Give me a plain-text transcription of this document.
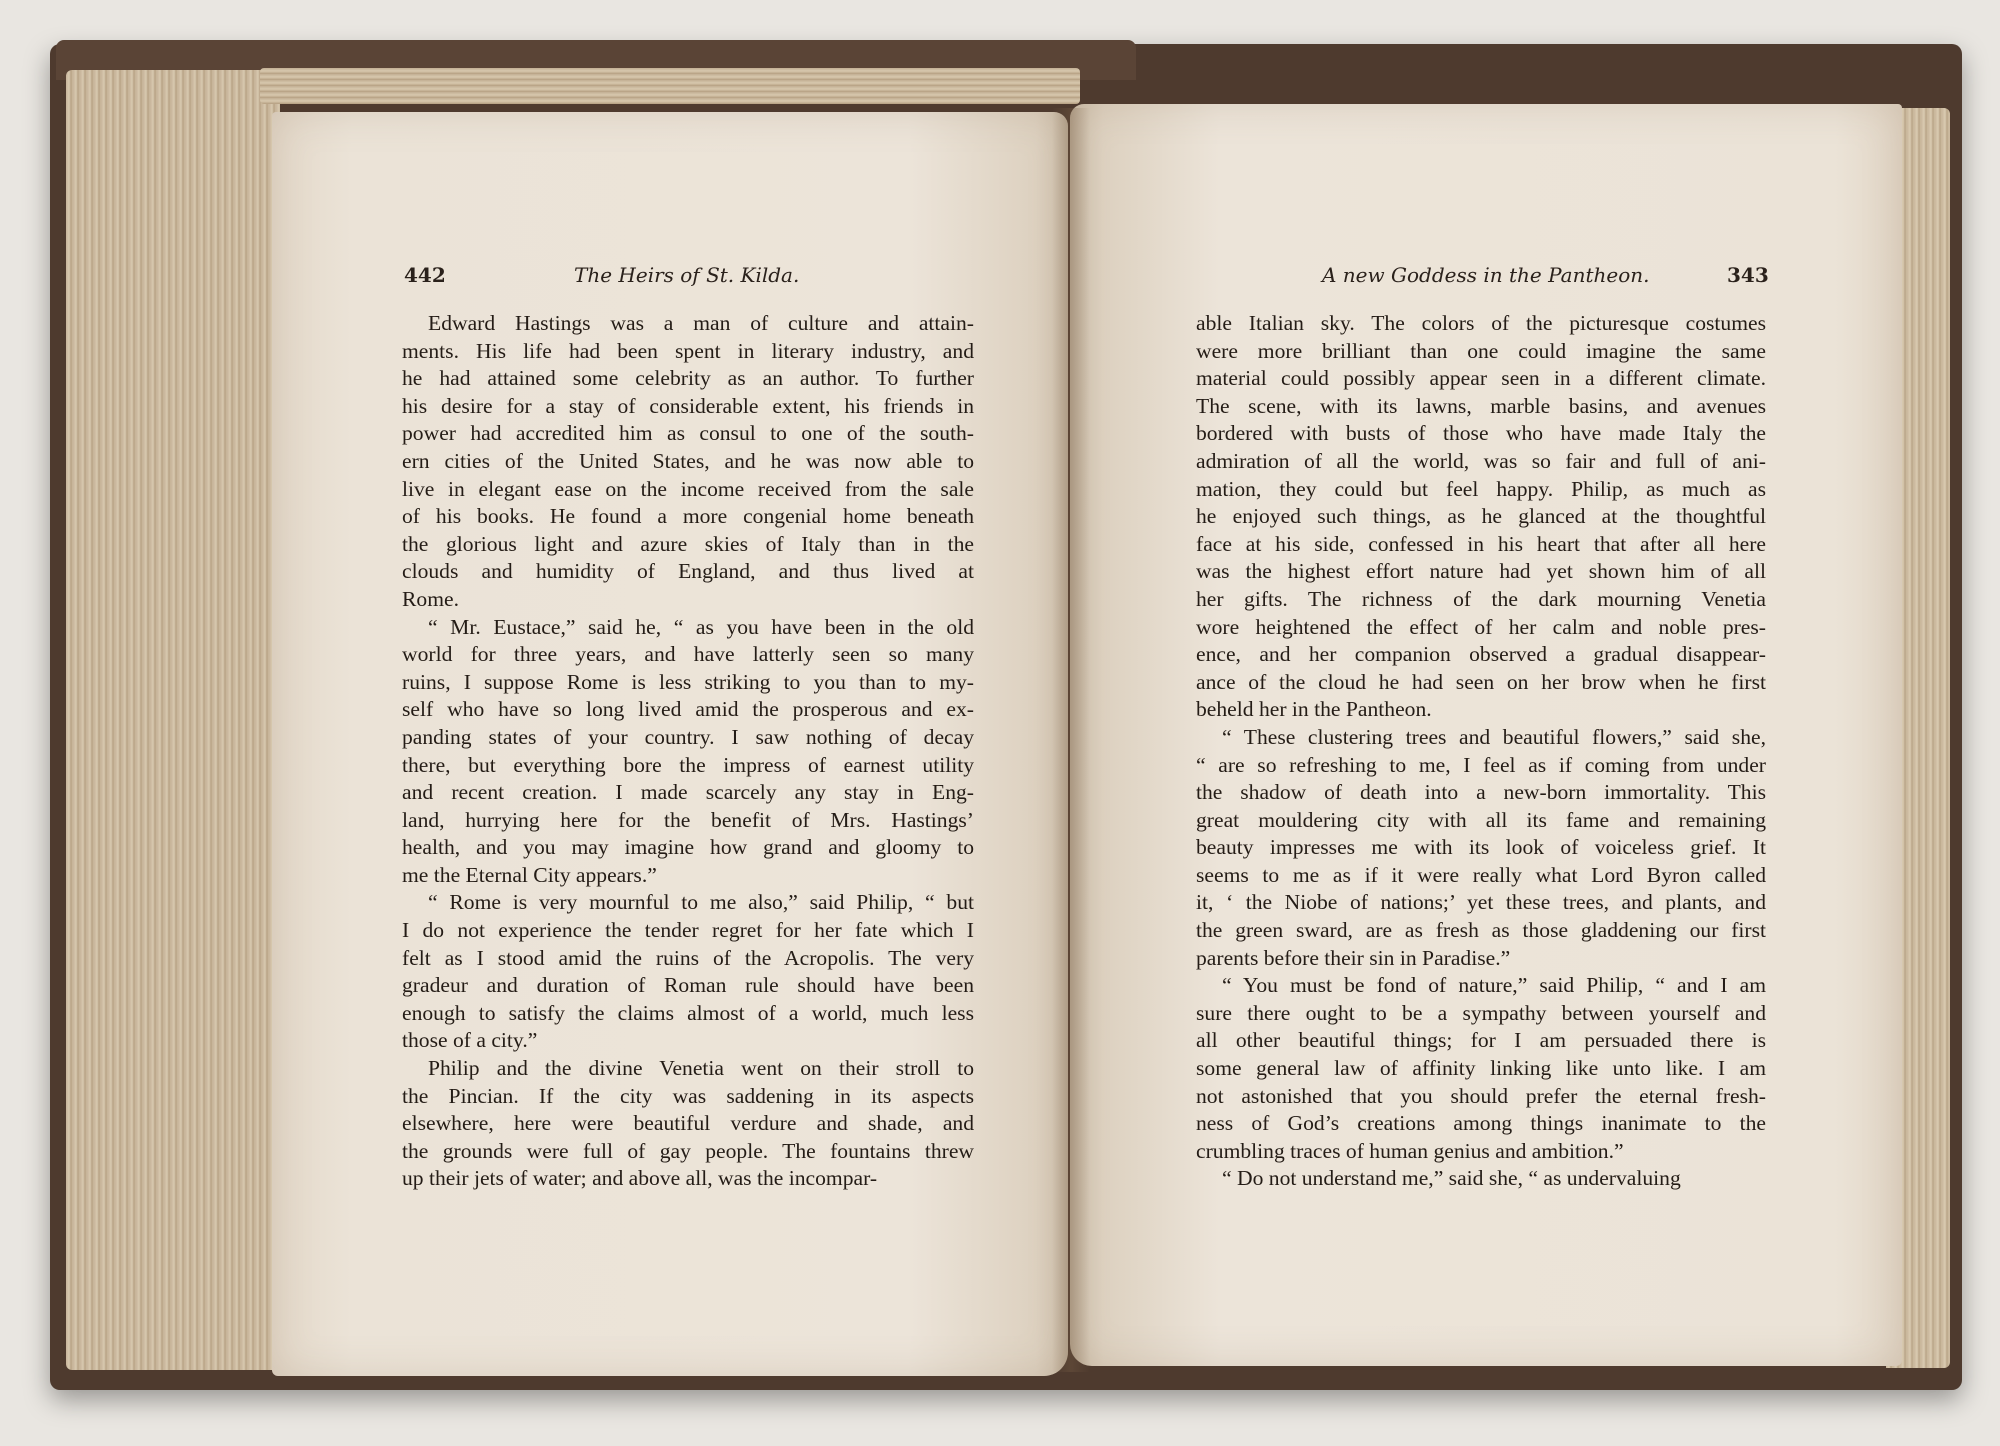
442	The Heirs of St. Kilda.	A new Goddess in the Pantheon.	343
Edward Hastings was a man of culture and attain-
ments. His life had been spent in literary industry, and
he had attained some celebrity as an author. To further
his desire for a stay of considerable extent, his friends in
power had accredited him as consul to one of the south-
ern cities of the United States, and he was now able to
live in elegant ease on the income received from the sale
of his books. He found a more congenial home beneath
the glorious light and azure skies of Italy than in the
clouds and humidity of England, and thus lived at
Rome.
“ Mr. Eustace,” said he, “ as you have been in the old
world for three years, and have latterly seen so many
ruins, I suppose Rome is less striking to you than to my-
self who have so long lived amid the prosperous and ex-
panding states of your country. I saw nothing of decay
there, but everything bore the impress of earnest utility
and recent creation. I made scarcely any stay in Eng-
land, hurrying here for the benefit of Mrs. Hastings’
health, and you may imagine how grand and gloomy to
me the Eternal City appears.”
“ Rome is very mournful to me also,” said Philip, “ but
I do not experience the tender regret for her fate which I
felt as I stood amid the ruins of the Acropolis. The very
gradeur and duration of Roman rule should have been
enough to satisfy the claims almost of a world, much less
those of a city.”
Philip and the divine Venetia went on their stroll to
the Pincian. If the city was saddening in its aspects
elsewhere, here were beautiful verdure and shade, and
the grounds were full of gay people. The fountains threw
up their jets of water; and above all, was the incompar-
able Italian sky. The colors of the picturesque costumes
were more brilliant than one could imagine the same
material could possibly appear seen in a different climate.
The scene, with its lawns, marble basins, and avenues
bordered with busts of those who have made Italy the
admiration of all the world, was so fair and full of ani-
mation, they could but feel happy. Philip, as much as
he enjoyed such things, as he glanced at the thoughtful
face at his side, confessed in his heart that after all here
was the highest effort nature had yet shown him of all
her gifts. The richness of the dark mourning Venetia
wore heightened the effect of her calm and noble pres-
ence, and her companion observed a gradual disappear-
ance of the cloud he had seen on her brow when he first
beheld her in the Pantheon.
“ These clustering trees and beautiful flowers,” said she,
“ are so refreshing to me, I feel as if coming from under
the shadow of death into a new-born immortality. This
great mouldering city with all its fame and remaining
beauty impresses me with its look of voiceless grief. It
seems to me as if it were really what Lord Byron called
it, ‘ the Niobe of nations;’ yet these trees, and plants, and
the green sward, are as fresh as those gladdening our first
parents before their sin in Paradise.”
“ You must be fond of nature,” said Philip, “ and I am
sure there ought to be a sympathy between yourself and
all other beautiful things; for I am persuaded there is
some general law of affinity linking like unto like. I am
not astonished that you should prefer the eternal fresh-
ness of God’s creations among things inanimate to the
crumbling traces of human genius and ambition.”
“ Do not understand me,” said she, “ as undervaluing
